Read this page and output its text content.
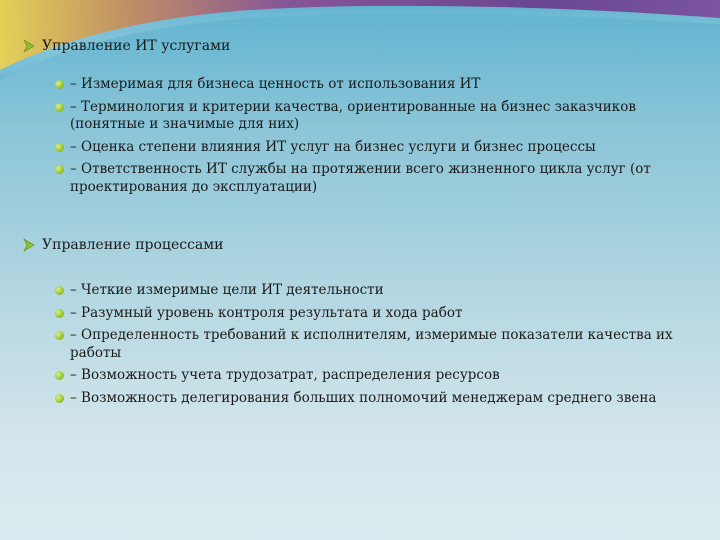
Управление ИТ услугами
– Измеримая для бизнеса ценность от использования ИТ
– Терминология и критерии качества, ориентированные на бизнес заказчиков (понятные и значимые для них)
– Оценка степени влияния ИТ услуг на бизнес услуги и бизнес процессы
– Ответственность ИТ службы на протяжении всего жизненного цикла услуг (от проектирования до эксплуатации)
Управление процессами
– Четкие измеримые цели ИТ деятельности
– Разумный уровень контроля результата и хода работ
– Определенность требований к исполнителям, измеримые показатели качества их работы
– Возможность учета трудозатрат, распределения ресурсов
– Возможность делегирования больших полномочий менеджерам среднего звена
